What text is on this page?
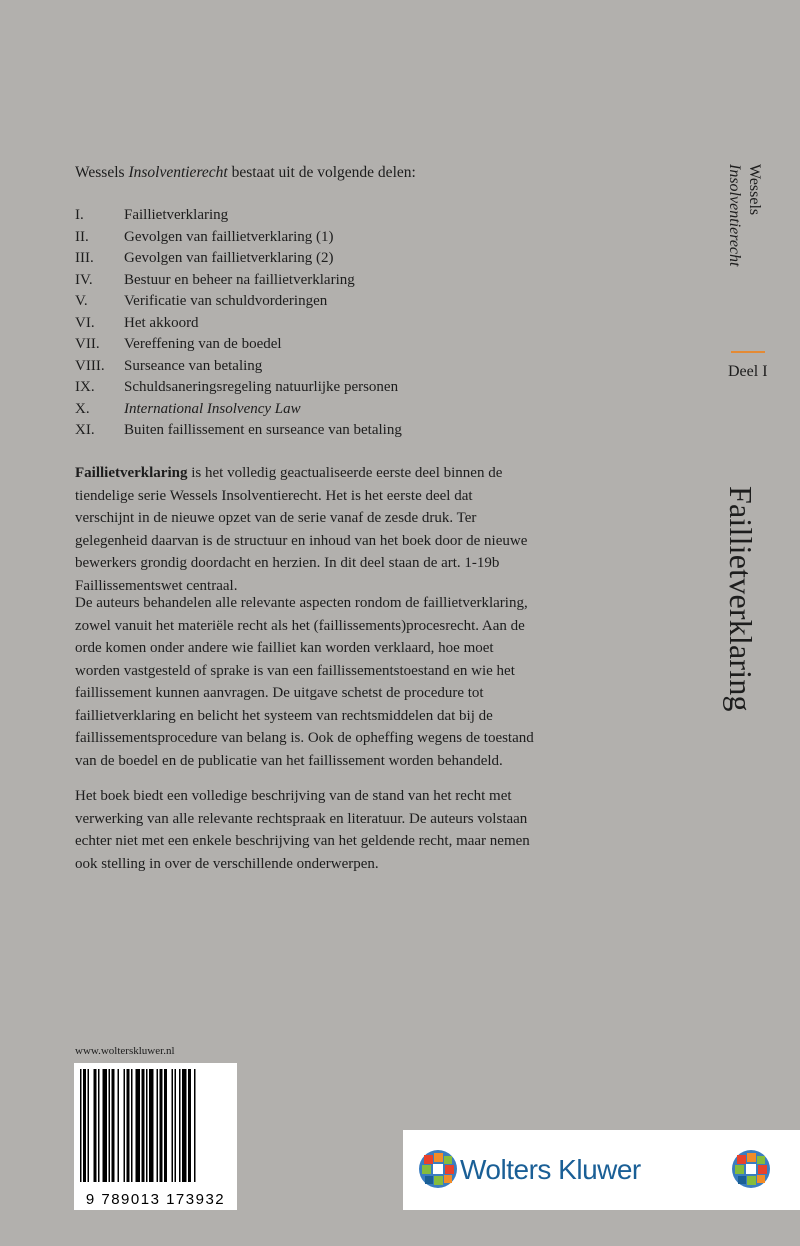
Wessels Insolventierecht bestaat uit de volgende delen:
I.	Faillietverklaring
II.	Gevolgen van faillietverklaring (1)
III.	Gevolgen van faillietverklaring (2)
IV.	Bestuur en beheer na faillietverklaring
V.	Verificatie van schuldvorderingen
VI.	Het akkoord
VII.	Vereffening van de boedel
VIII.	Surseance van betaling
IX.	Schuldsaneringsregeling natuurlijke personen
X.	International Insolvency Law
XI.	Buiten faillissement en surseance van betaling

Faillietverklaring is het volledig geactualiseerde eerste deel binnen de tiendelige serie Wessels Insolventierecht. Het is het eerste deel dat verschijnt in de nieuwe opzet van de serie vanaf de zesde druk. Ter gelegenheid daarvan is de structuur en inhoud van het boek door de nieuwe bewerkers grondig doordacht en herzien. In dit deel staan de art. 1-19b Faillissementswet centraal.

De auteurs behandelen alle relevante aspecten rondom de faillietverklaring, zowel vanuit het materiële recht als het (faillissements)procesrecht. Aan de orde komen onder andere wie failliet kan worden verklaard, hoe moet worden vastgesteld of sprake is van een faillissementstoestand en wie het faillissement kunnen aanvragen. De uitgave schetst de procedure tot faillietverklaring en belicht het systeem van rechtsmiddelen dat bij de faillissementsprocedure van belang is. Ook de opheffing wegens de toestand van de boedel en de publicatie van het faillissement worden behandeld.

Het boek biedt een volledige beschrijving van de stand van het recht met verwerking van alle relevante rechtspraak en literatuur. De auteurs volstaan echter niet met een enkele beschrijving van het geldende recht, maar nemen ook stelling in over de verschillende onderwerpen.

Wessels
Insolventierecht
Deel I
Faillietverklaring
www.wolterskluwer.nl
9 789013 173932
Wolters Kluwer
